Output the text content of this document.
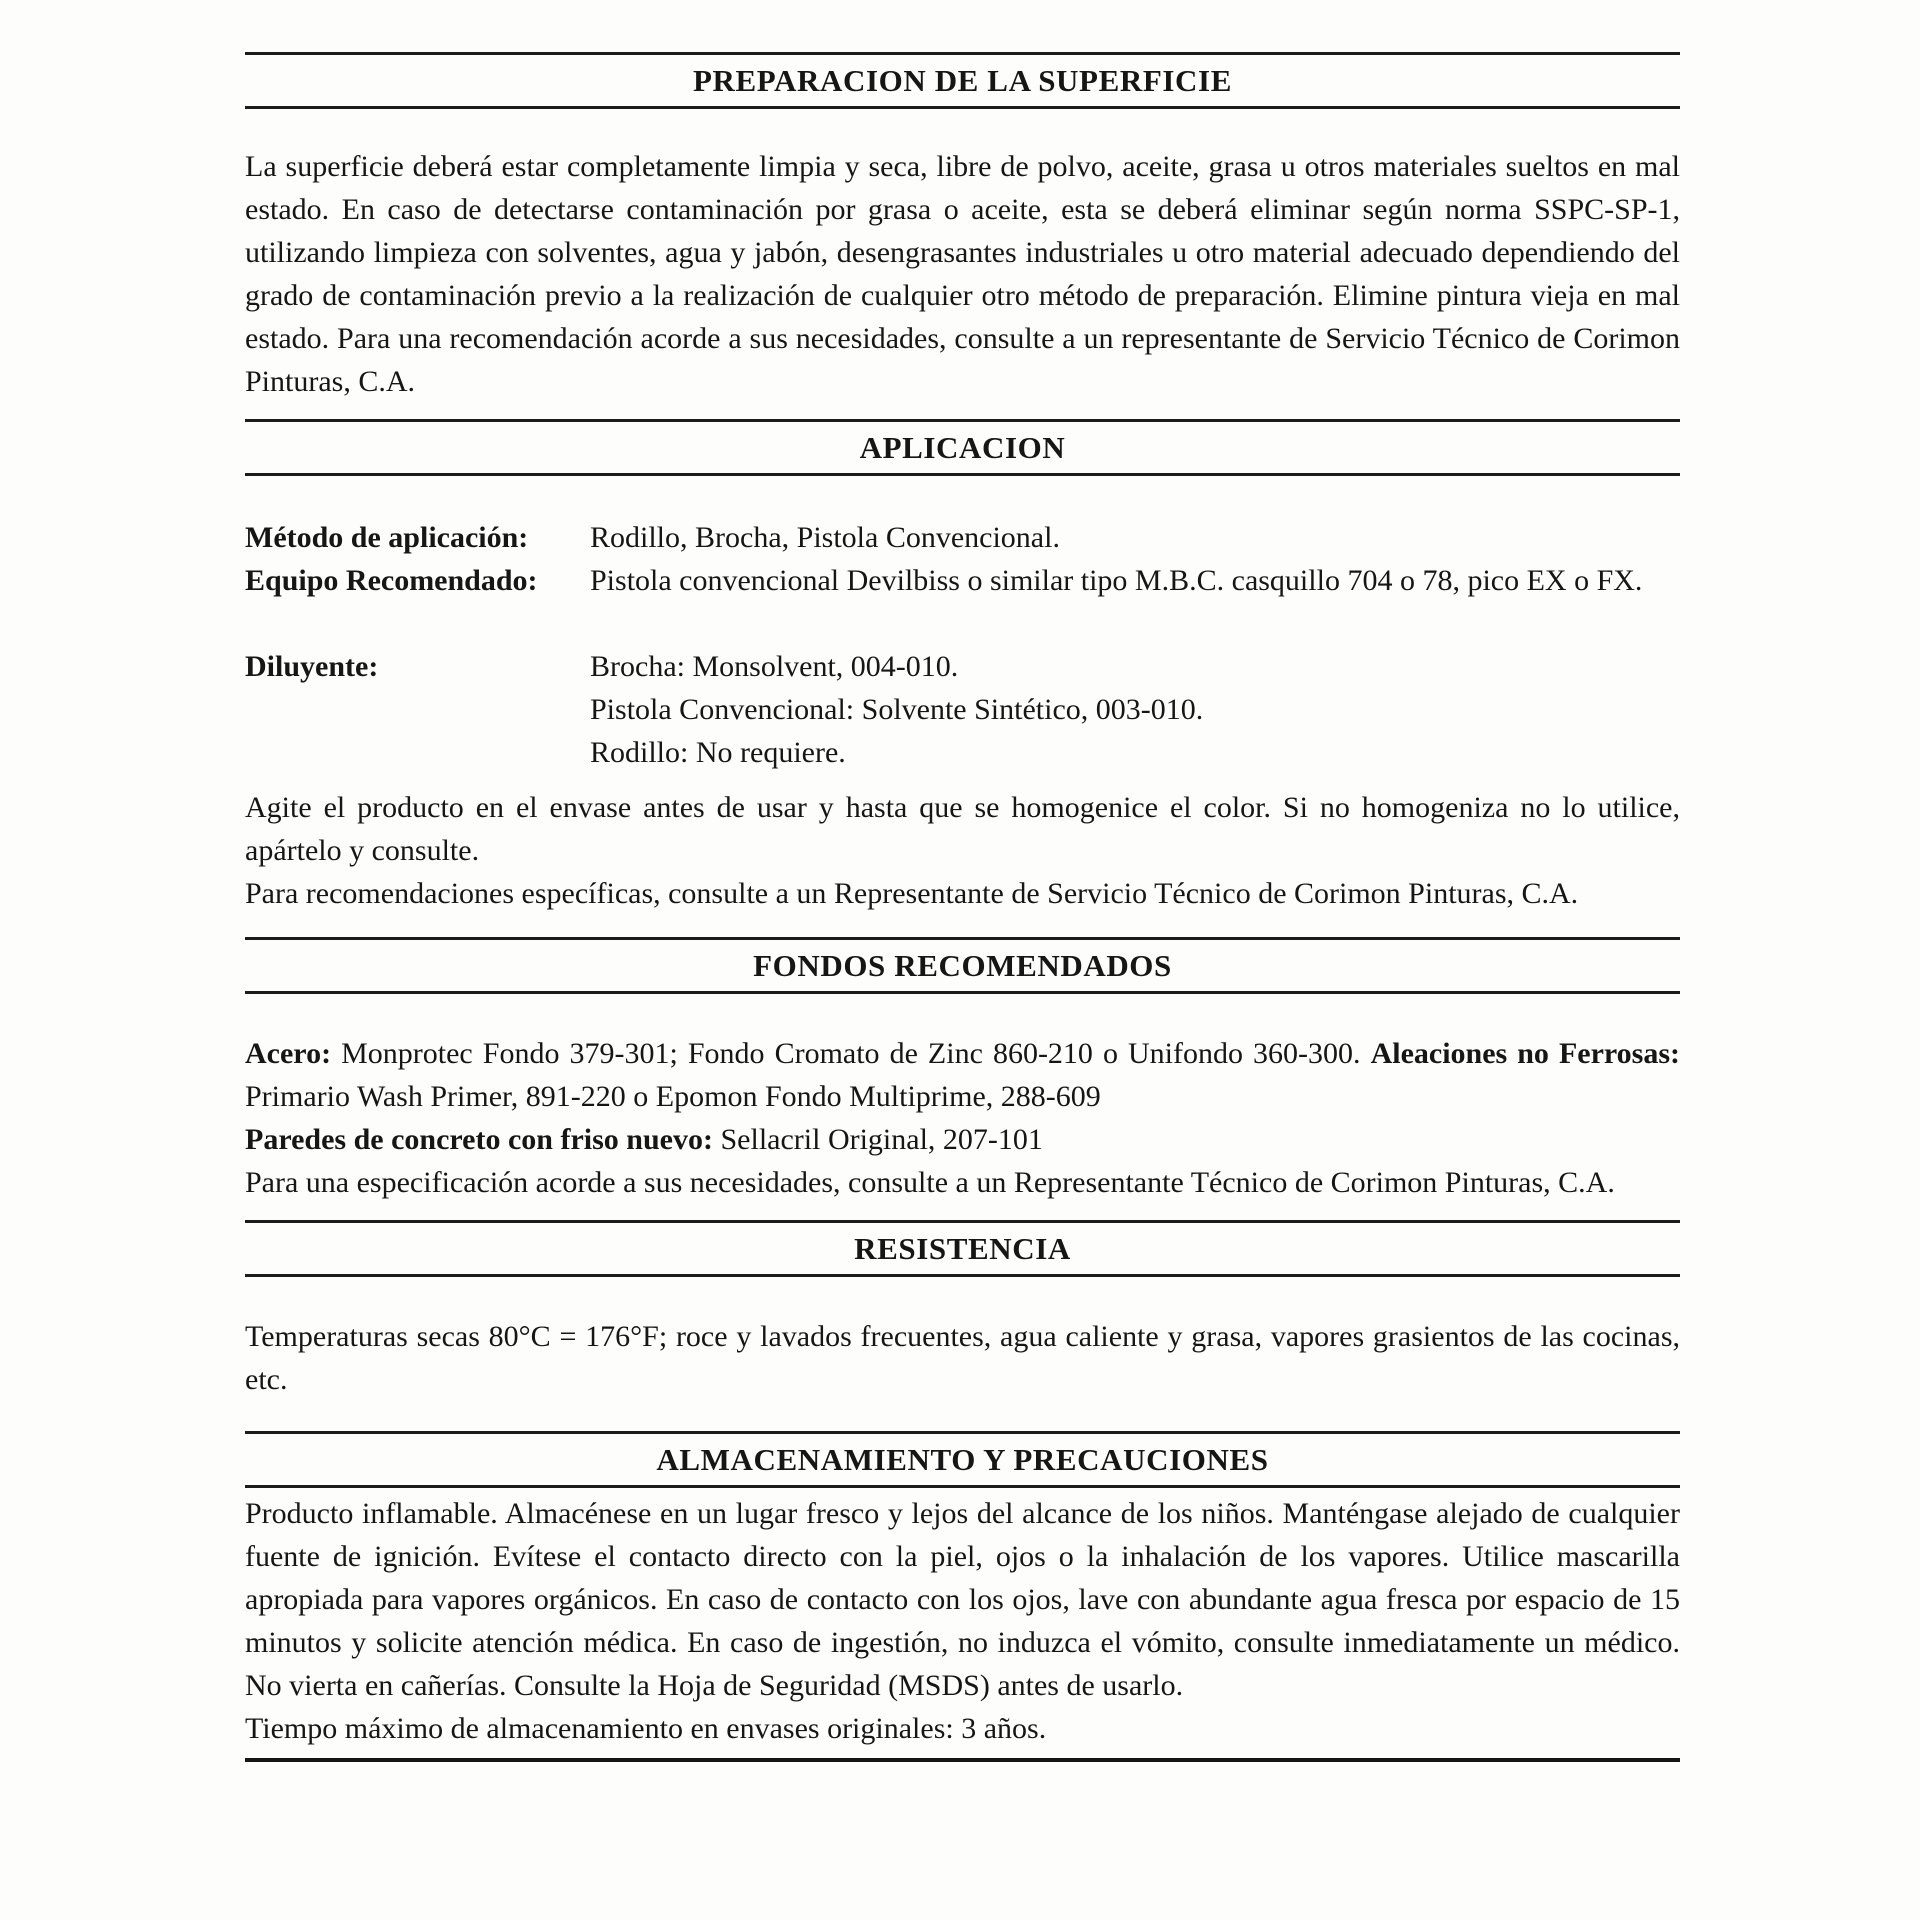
PREPARACION DE LA SUPERFICIE

La superficie deberá estar completamente limpia y seca, libre de polvo, aceite, grasa u otros materiales sueltos en mal estado. En caso de detectarse contaminación por grasa o aceite, esta se deberá eliminar según norma SSPC-SP-1, utilizando limpieza con solventes, agua y jabón, desengrasantes industriales u otro material adecuado dependiendo del grado de contaminación previo a la realización de cualquier otro método de preparación. Elimine pintura vieja en mal estado. Para una recomendación acorde a sus necesidades, consulte a un representante de Servicio Técnico de Corimon Pinturas, C.A.

APLICACION
Método de aplicación:	Rodillo, Brocha, Pistola Convencional.
Equipo Recomendado:	Pistola convencional Devilbiss o similar tipo M.B.C. casquillo 704 o 78, pico EX o FX.
Diluyente:	Brocha: Monsolvent, 004-010.
Pistola Convencional: Solvente Sintético, 003-010.
Rodillo: No requiere.

Agite el producto en el envase antes de usar y hasta que se homogenice el color. Si no homogeniza no lo utilice, apártelo y consulte.

Para recomendaciones específicas, consulte a un Representante de Servicio Técnico de Corimon Pinturas, C.A.

FONDOS RECOMENDADOS

Acero: Monprotec Fondo 379-301; Fondo Cromato de Zinc 860-210 o Unifondo 360-300. Aleaciones no Ferrosas: Primario Wash Primer, 891-220 o Epomon Fondo Multiprime, 288-609

Paredes de concreto con friso nuevo: Sellacril Original, 207-101

Para una especificación acorde a sus necesidades, consulte a un Representante Técnico de Corimon Pinturas, C.A.

RESISTENCIA

Temperaturas secas 80°C = 176°F; roce y lavados frecuentes, agua caliente y grasa, vapores grasientos de las cocinas, etc.

ALMACENAMIENTO Y PRECAUCIONES

Producto inflamable. Almacénese en un lugar fresco y lejos del alcance de los niños. Manténgase alejado de cualquier fuente de ignición. Evítese el contacto directo con la piel, ojos o la inhalación de los vapores. Utilice mascarilla apropiada para vapores orgánicos. En caso de contacto con los ojos, lave con abundante agua fresca por espacio de 15 minutos y solicite atención médica. En caso de ingestión, no induzca el vómito, consulte inmediatamente un médico. No vierta en cañerías. Consulte la Hoja de Seguridad (MSDS) antes de usarlo.

Tiempo máximo de almacenamiento en envases originales: 3 años.
